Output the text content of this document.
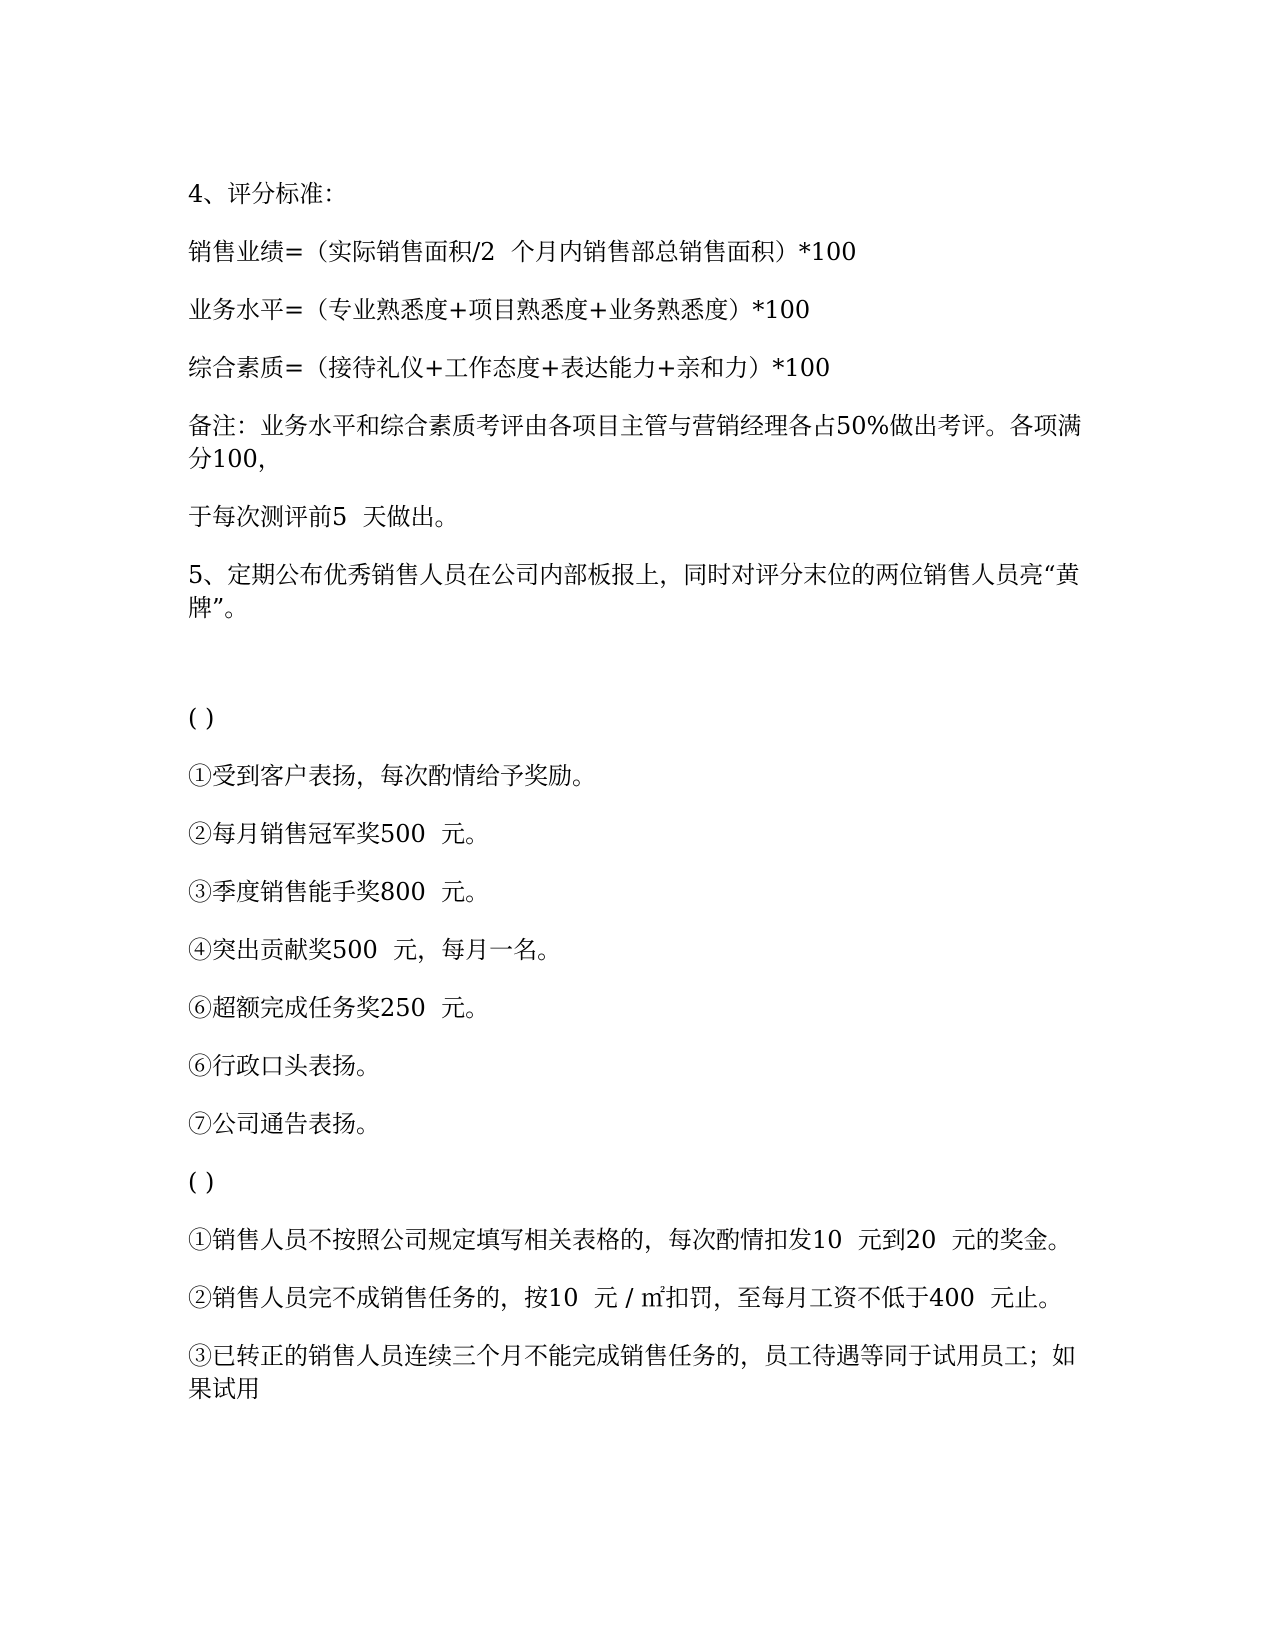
4、评分标准：

销售业绩=（实际销售面积/2  个月内销售部总销售面积）*100

业务水平=（专业熟悉度+项目熟悉度+业务熟悉度）*100

综合素质=（接待礼仪+工作态度+表达能力+亲和力）*100

备注：业务水平和综合素质考评由各项目主管与营销经理各占50%做出考评。各项满分100，

于每次测评前5  天做出。

5、定期公布优秀销售人员在公司内部板报上，同时对评分末位的两位销售人员亮“黄牌”。

( )

①受到客户表扬，每次酌情给予奖励。

②每月销售冠军奖500  元。

③季度销售能手奖800  元。

④突出贡献奖500  元，每月一名。

⑥超额完成任务奖250  元。

⑥行政口头表扬。

⑦公司通告表扬。

( )

①销售人员不按照公司规定填写相关表格的，每次酌情扣发10  元到20  元的奖金。

②销售人员完不成销售任务的，按10  元 / ㎡扣罚，至每月工资不低于400  元止。

③已转正的销售人员连续三个月不能完成销售任务的，员工待遇等同于试用员工；如果试用
